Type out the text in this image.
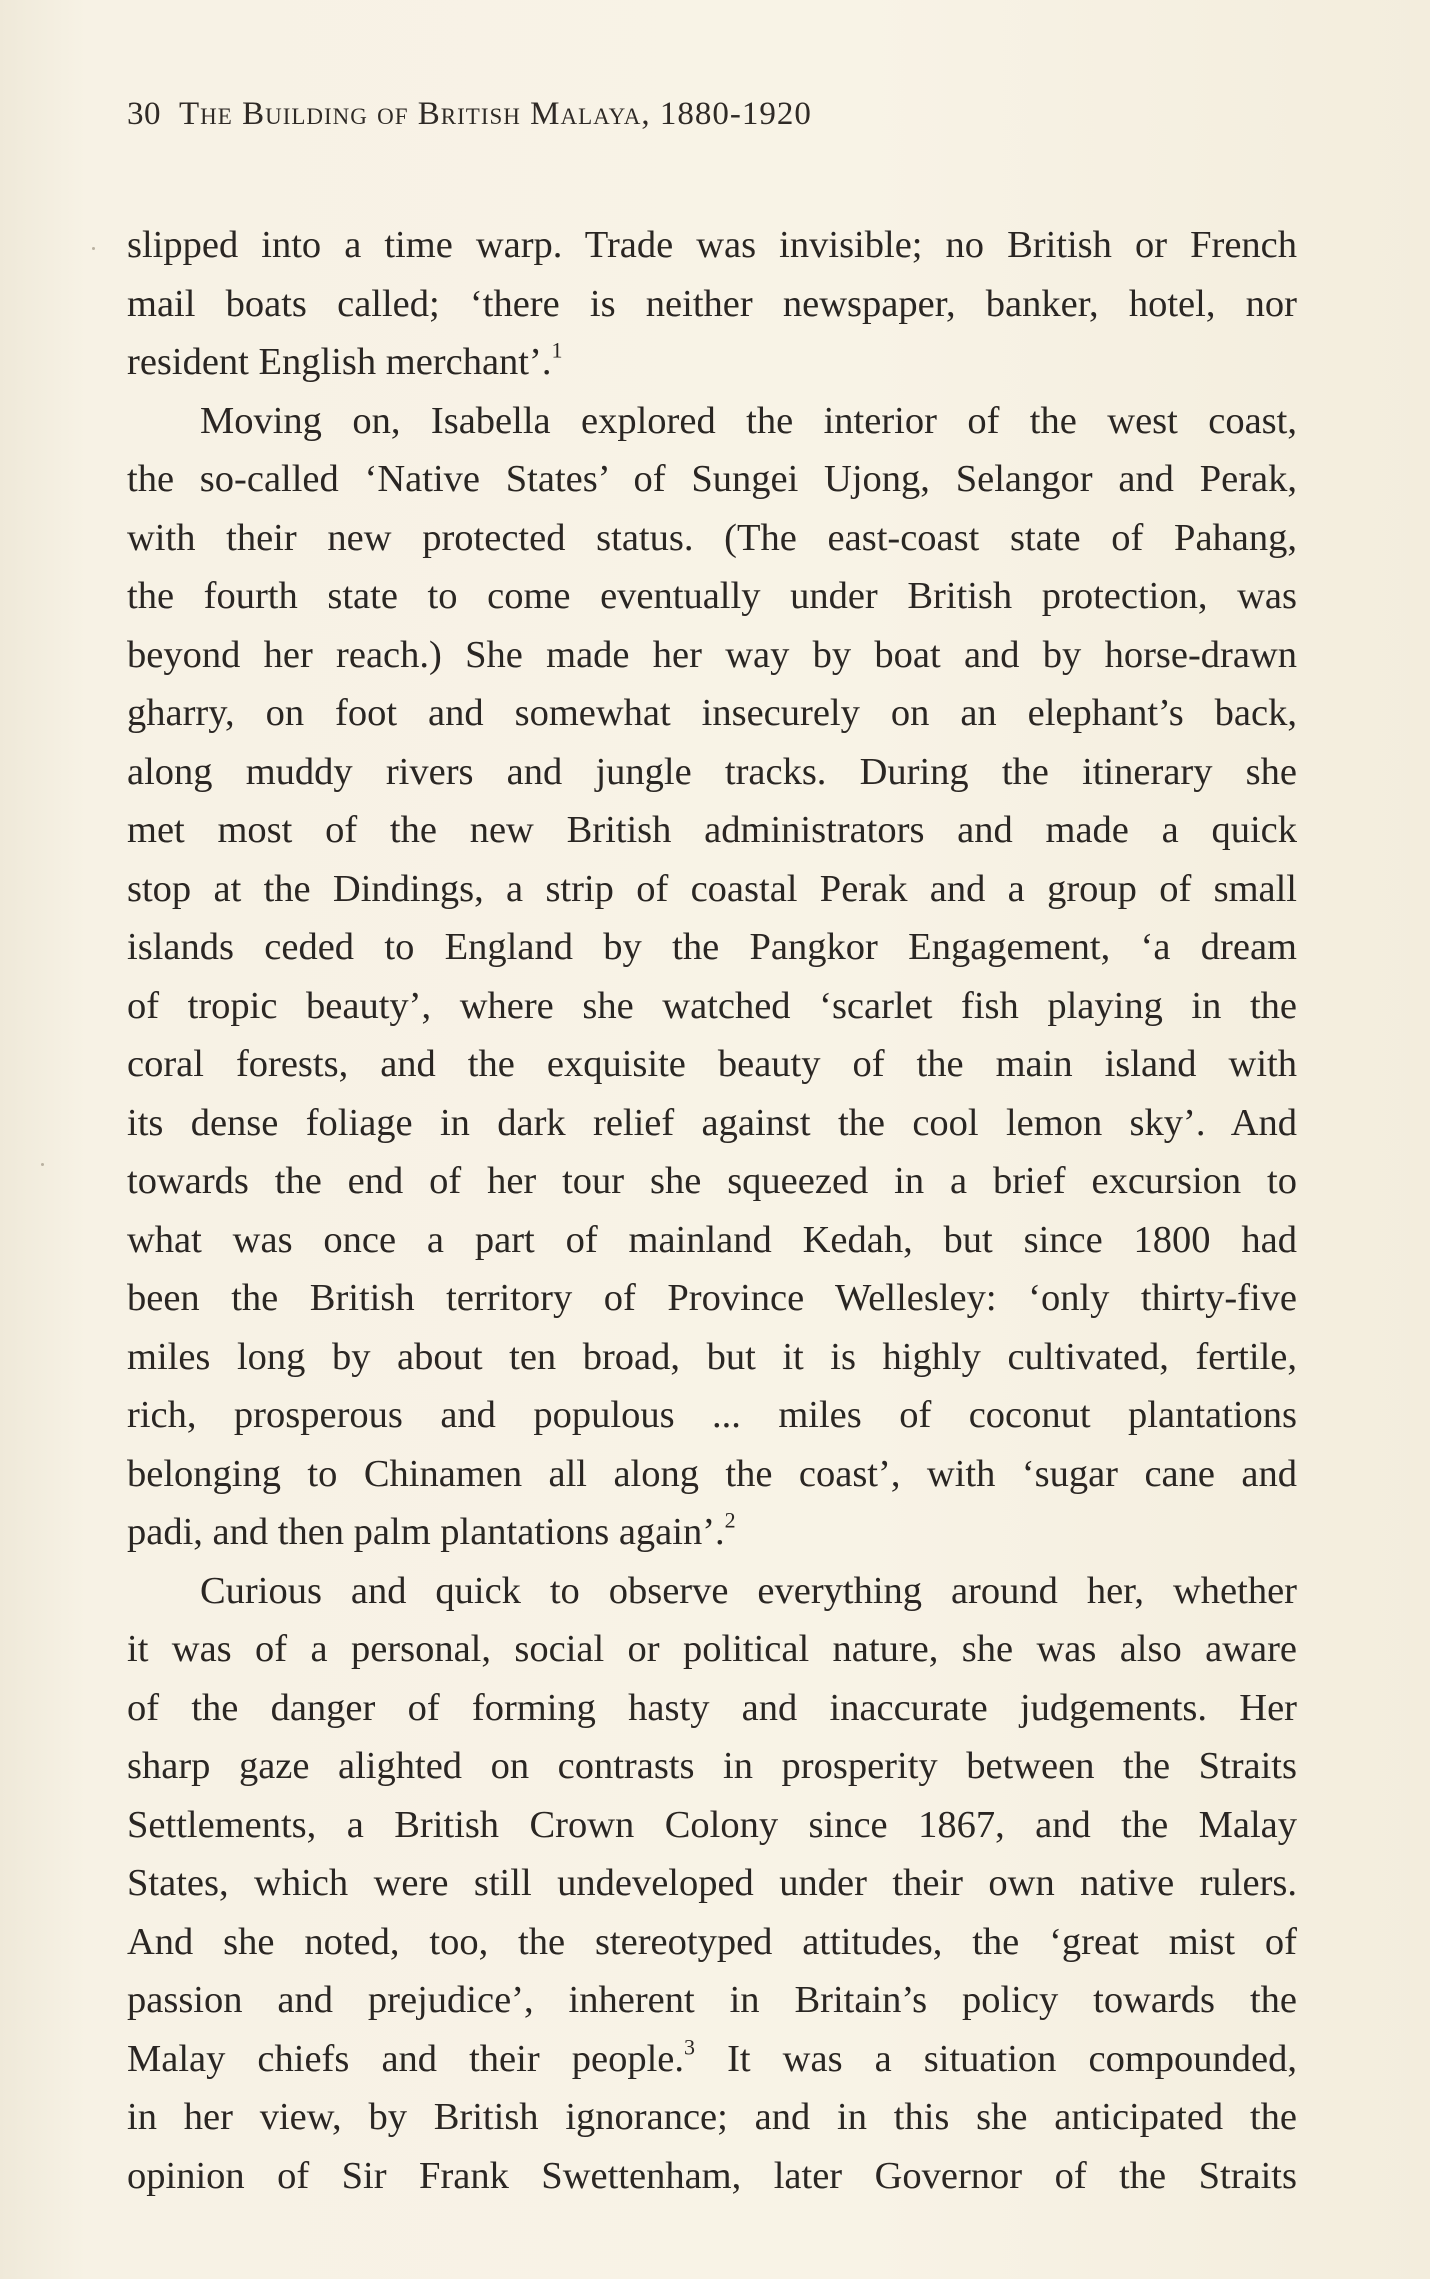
30 The Building of British Malaya, 1880-1920
slipped into a time warp. Trade was invisible; no British or French
mail boats called; ‘there is neither newspaper, banker, hotel, nor
resident English merchant’.$^1$
Moving on, Isabella explored the interior of the west coast,
the so-called ‘Native States’ of Sungei Ujong, Selangor and Perak,
with their new protected status. (The east-coast state of Pahang,
the fourth state to come eventually under British protection, was
beyond her reach.) She made her way by boat and by horse-drawn
gharry, on foot and somewhat insecurely on an elephant’s back,
along muddy rivers and jungle tracks. During the itinerary she
met most of the new British administrators and made a quick
stop at the Dindings, a strip of coastal Perak and a group of small
islands ceded to England by the Pangkor Engagement, ‘a dream
of tropic beauty’, where she watched ‘scarlet fish playing in the
coral forests, and the exquisite beauty of the main island with
its dense foliage in dark relief against the cool lemon sky’. And
towards the end of her tour she squeezed in a brief excursion to
what was once a part of mainland Kedah, but since 1800 had
been the British territory of Province Wellesley: ‘only thirty-five
miles long by about ten broad, but it is highly cultivated, fertile,
rich, prosperous and populous ... miles of coconut plantations
belonging to Chinamen all along the coast’, with ‘sugar cane and
padi, and then palm plantations again’.$^2$
Curious and quick to observe everything around her, whether
it was of a personal, social or political nature, she was also aware
of the danger of forming hasty and inaccurate judgements. Her
sharp gaze alighted on contrasts in prosperity between the Straits
Settlements, a British Crown Colony since 1867, and the Malay
States, which were still undeveloped under their own native rulers.
And she noted, too, the stereotyped attitudes, the ‘great mist of
passion and prejudice’, inherent in Britain’s policy towards the
Malay chiefs and their people.$^3$ It was a situation compounded,
in her view, by British ignorance; and in this she anticipated the
opinion of Sir Frank Swettenham, later Governor of the Straits
